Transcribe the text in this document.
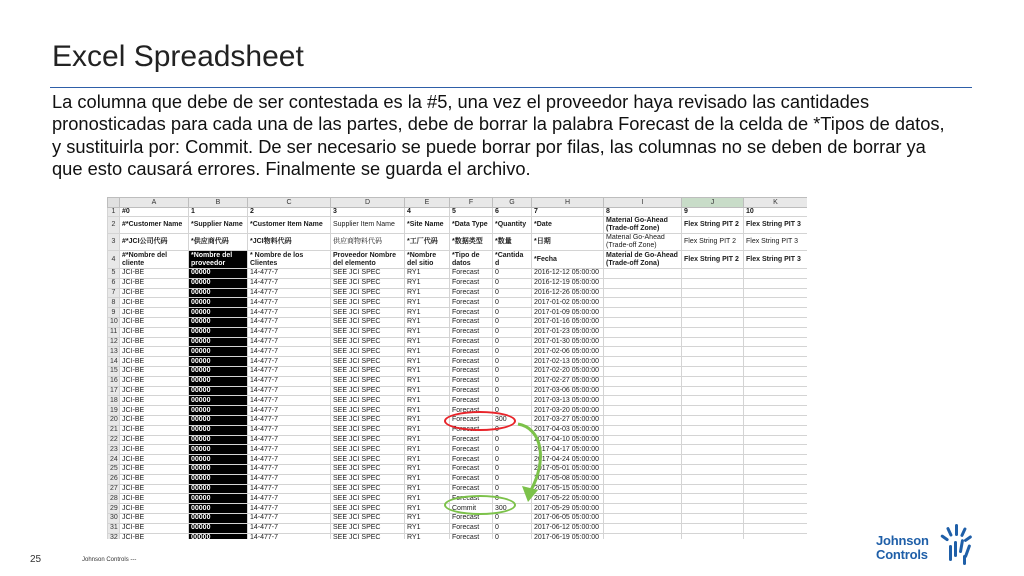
Excel Spreadsheet
La columna que debe de ser contestada es la #5, una vez el proveedor haya revisado las cantidades pronosticadas para cada una de las partes, debe de borrar la palabra Forecast de la celda de *Tipos de datos, y sustituirla por: Commit. De ser necesario se puede borrar por filas, las columnas no se deben de borrar ya que esto causará errores. Finalmente se guarda el archivo.
	A	B	C	D	E	F	G	H	I	J	K
1	#0	1	2	3	4	5	6	7	8	9	10
2	#*Customer Name	*Supplier Name	*Customer Item Name	Supplier Item Name	*Site Name	*Data Type	*Quantity	*Date	Material Go-Ahead (Trade-off Zone)	Flex String PIT 2	Flex String PIT 3
3	#*JCI公司代码	*供应商代码	*JCI物料代码	供应商物料代码	*工厂代码	*数据类型	*数量	*日期	Material Go-Ahead (Trade-off Zone)	Flex String PIT 2	Flex String PIT 3
4	#*Nombre del cliente	*Nombre del proveedor	* Nombre de los Clientes	Proveedor Nombre del elemento	*Nombre del sitio	*Tipo de datos	*Cantida d	*Fecha	Material de Go-Ahead (Trade-off Zona)	Flex String PIT 2	Flex String PIT 3
5	JCI-BE	00000	14-477-7	SEE JCI SPEC	RY1	Forecast	0	2016-12-12 05:00:00			
6	JCI-BE	00000	14-477-7	SEE JCI SPEC	RY1	Forecast	0	2016-12-19 05:00:00			
7	JCI-BE	00000	14-477-7	SEE JCI SPEC	RY1	Forecast	0	2016-12-26 05:00:00			
8	JCI-BE	00000	14-477-7	SEE JCI SPEC	RY1	Forecast	0	2017-01-02 05:00:00			
9	JCI-BE	00000	14-477-7	SEE JCI SPEC	RY1	Forecast	0	2017-01-09 05:00:00			
10	JCI-BE	00000	14-477-7	SEE JCI SPEC	RY1	Forecast	0	2017-01-16 05:00:00			
11	JCI-BE	00000	14-477-7	SEE JCI SPEC	RY1	Forecast	0	2017-01-23 05:00:00			
12	JCI-BE	00000	14-477-7	SEE JCI SPEC	RY1	Forecast	0	2017-01-30 05:00:00			
13	JCI-BE	00000	14-477-7	SEE JCI SPEC	RY1	Forecast	0	2017-02-06 05:00:00			
14	JCI-BE	00000	14-477-7	SEE JCI SPEC	RY1	Forecast	0	2017-02-13 05:00:00			
15	JCI-BE	00000	14-477-7	SEE JCI SPEC	RY1	Forecast	0	2017-02-20 05:00:00			
16	JCI-BE	00000	14-477-7	SEE JCI SPEC	RY1	Forecast	0	2017-02-27 05:00:00			
17	JCI-BE	00000	14-477-7	SEE JCI SPEC	RY1	Forecast	0	2017-03-06 05:00:00			
18	JCI-BE	00000	14-477-7	SEE JCI SPEC	RY1	Forecast	0	2017-03-13 05:00:00			
19	JCI-BE	00000	14-477-7	SEE JCI SPEC	RY1	Forecast	0	2017-03-20 05:00:00			
20	JCI-BE	00000	14-477-7	SEE JCI SPEC	RY1	Forecast	300	2017-03-27 05:00:00			
21	JCI-BE	00000	14-477-7	SEE JCI SPEC	RY1	Forecast	0	2017-04-03 05:00:00			
22	JCI-BE	00000	14-477-7	SEE JCI SPEC	RY1	Forecast	0	2017-04-10 05:00:00			
23	JCI-BE	00000	14-477-7	SEE JCI SPEC	RY1	Forecast	0	2017-04-17 05:00:00			
24	JCI-BE	00000	14-477-7	SEE JCI SPEC	RY1	Forecast	0	2017-04-24 05:00:00			
25	JCI-BE	00000	14-477-7	SEE JCI SPEC	RY1	Forecast	0	2017-05-01 05:00:00			
26	JCI-BE	00000	14-477-7	SEE JCI SPEC	RY1	Forecast	0	2017-05-08 05:00:00			
27	JCI-BE	00000	14-477-7	SEE JCI SPEC	RY1	Forecast	0	2017-05-15 05:00:00			
28	JCI-BE	00000	14-477-7	SEE JCI SPEC	RY1	Forecast	0	2017-05-22 05:00:00			
29	JCI-BE	00000	14-477-7	SEE JCI SPEC	RY1	Commit	300	2017-05-29 05:00:00			
30	JCI-BE	00000	14-477-7	SEE JCI SPEC	RY1	Forecast	0	2017-06-05 05:00:00			
31	JCI-BE	00000	14-477-7	SEE JCI SPEC	RY1	Forecast	0	2017-06-12 05:00:00			
32	JCI-BE	00000	14-477-7	SEE JCI SPEC	RY1	Forecast	0	2017-06-19 05:00:00			
25	Johnson Controls ---
Johnson
Controls
